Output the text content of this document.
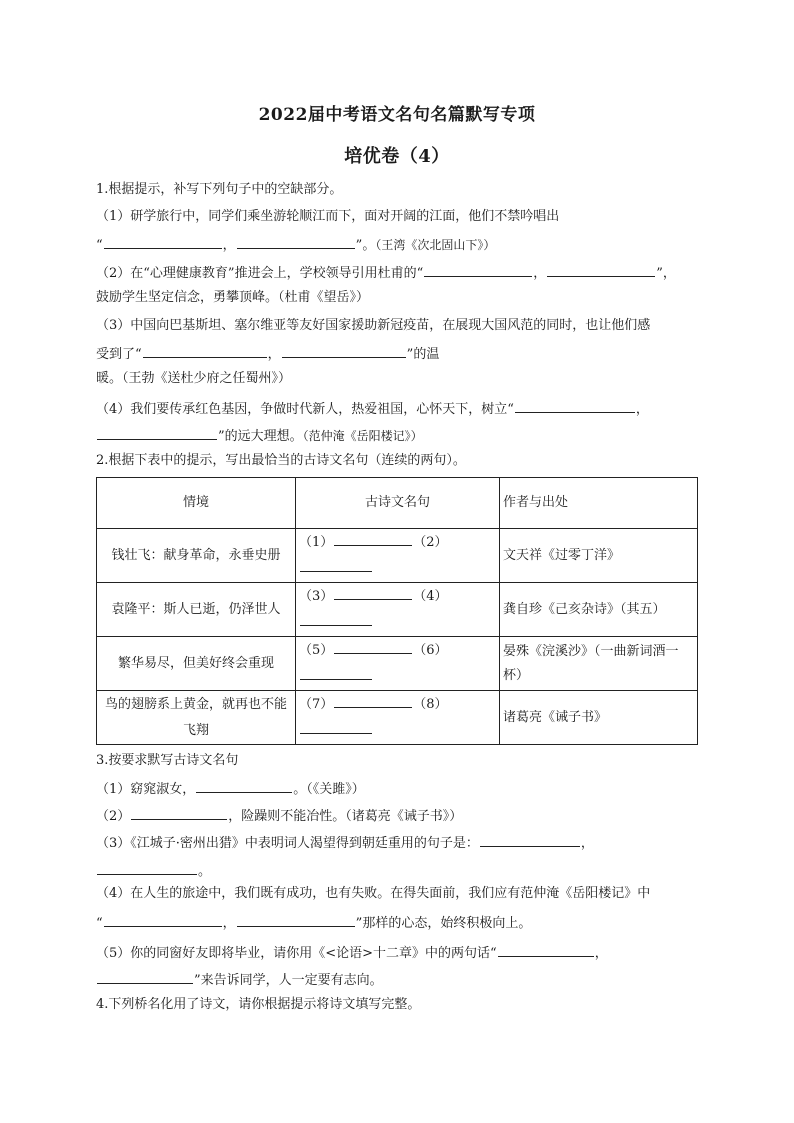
2022届中考语文名句名篇默写专项
培优卷（4）
1.根据提示，补写下列句子中的空缺部分。
（1）研学旅行中，同学们乘坐游轮顺江而下，面对开阔的江面，他们不禁吟唱出
“	，	”。（王湾《次北固山下》）
（2）在“心理健康教育”推进会上，学校领导引用杜甫的“	，	”，
鼓励学生坚定信念，勇攀顶峰。（杜甫《望岳》）
（3）中国向巴基斯坦、塞尔维亚等友好国家援助新冠疫苗，在展现大国风范的同时，也让他们感
受到了“	，	”的温
暖。（王勃《送杜少府之任蜀州》）
（4）我们要传承红色基因，争做时代新人，热爱祖国，心怀天下，树立“	，
”的远大理想。（范仲淹《岳阳楼记》）
2.根据下表中的提示，写出最恰当的古诗文名句（连续的两句）。
情境	古诗文名句	作者与出处
钱壮飞：献身革命，永垂史册	（1） （2）	文天祥《过零丁洋》
袁隆平：斯人已逝，仍泽世人	（3） （4）	龚自珍《己亥杂诗》（其五）
繁华易尽，但美好终会重现	（5） （6）	晏殊《浣溪沙》（一曲新词酒一杯）
鸟的翅膀系上黄金，就再也不能飞翔	（7） （8）	诸葛亮《诫子书》
3.按要求默写古诗文名句
（1）窈窕淑女，	。（《关雎》）
（2）	，险躁则不能冶性。（诸葛亮《诫子书》）
（3）《江城子·密州出猎》中表明词人渴望得到朝廷重用的句子是：	，
。
（4）在人生的旅途中，我们既有成功，也有失败。在得失面前，我们应有范仲淹《岳阳楼记》中
“	，	”那样的心态，始终积极向上。
（5）你的同窗好友即将毕业，请你用《<论语>十二章》中的两句话“	，
”来告诉同学，人一定要有志向。
4.下列桥名化用了诗文，请你根据提示将诗文填写完整。
